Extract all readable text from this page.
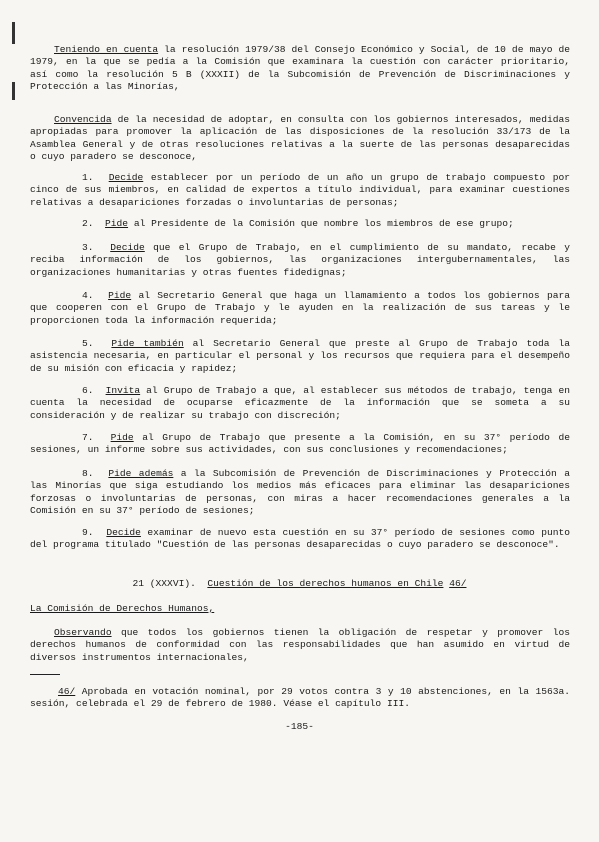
Teniendo en cuenta la resolución 1979/38 del Consejo Económico y Social, de 10 de mayo de 1979, en la que se pedía a la Comisión que examinara la cuestión con carácter prioritario, así como la resolución 5 B (XXXII) de la Subcomisión de Prevención de Discriminaciones y Protección a las Minorías,

Convencida de la necesidad de adoptar, en consulta con los gobiernos interesados, medidas apropiadas para promover la aplicación de las disposiciones de la resolución 33/173 de la Asamblea General y de otras resoluciones relativas a la suerte de las personas desaparecidas o cuyo paradero se desconoce,

1. Decide establecer por un período de un año un grupo de trabajo compuesto por cinco de sus miembros, en calidad de expertos a título individual, para examinar cuestiones relativas a desapariciones forzadas o involuntarias de personas;

2. Pide al Presidente de la Comisión que nombre los miembros de ese grupo;

3. Decide que el Grupo de Trabajo, en el cumplimiento de su mandato, recabe y reciba información de los gobiernos, las organizaciones intergubernamentales, las organizaciones humanitarias y otras fuentes fidedignas;

4. Pide al Secretario General que haga un llamamiento a todos los gobiernos para que cooperen con el Grupo de Trabajo y le ayuden en la realización de sus tareas y le proporcionen toda la información requerida;

5. Pide también al Secretario General que preste al Grupo de Trabajo toda la asistencia necesaria, en particular el personal y los recursos que requiera para el desempeño de su misión con eficacia y rapidez;

6. Invita al Grupo de Trabajo a que, al establecer sus métodos de trabajo, tenga en cuenta la necesidad de ocuparse eficazmente de la información que se someta a su consideración y de realizar su trabajo con discreción;

7. Pide al Grupo de Trabajo que presente a la Comisión, en su 37° período de sesiones, un informe sobre sus actividades, con sus conclusiones y recomendaciones;

8. Pide además a la Subcomisión de Prevención de Discriminaciones y Protección a las Minorías que siga estudiando los medios más eficaces para eliminar las desapariciones forzosas o involuntarias de personas, con miras a hacer recomendaciones generales a la Comisión en su 37° período de sesiones;

9. Decide examinar de nuevo esta cuestión en su 37° período de sesiones como punto del programa titulado "Cuestión de las personas desaparecidas o cuyo paradero se desconoce".

21 (XXXVI). Cuestión de los derechos humanos en Chile 46/

La Comisión de Derechos Humanos,

Observando que todos los gobiernos tienen la obligación de respetar y promover los derechos humanos de conformidad con las responsabilidades que han asumido en virtud de diversos instrumentos internacionales,

46/ Aprobada en votación nominal, por 29 votos contra 3 y 10 abstenciones, en la 1563a. sesión, celebrada el 29 de febrero de 1980. Véase el capítulo III.

-185-
